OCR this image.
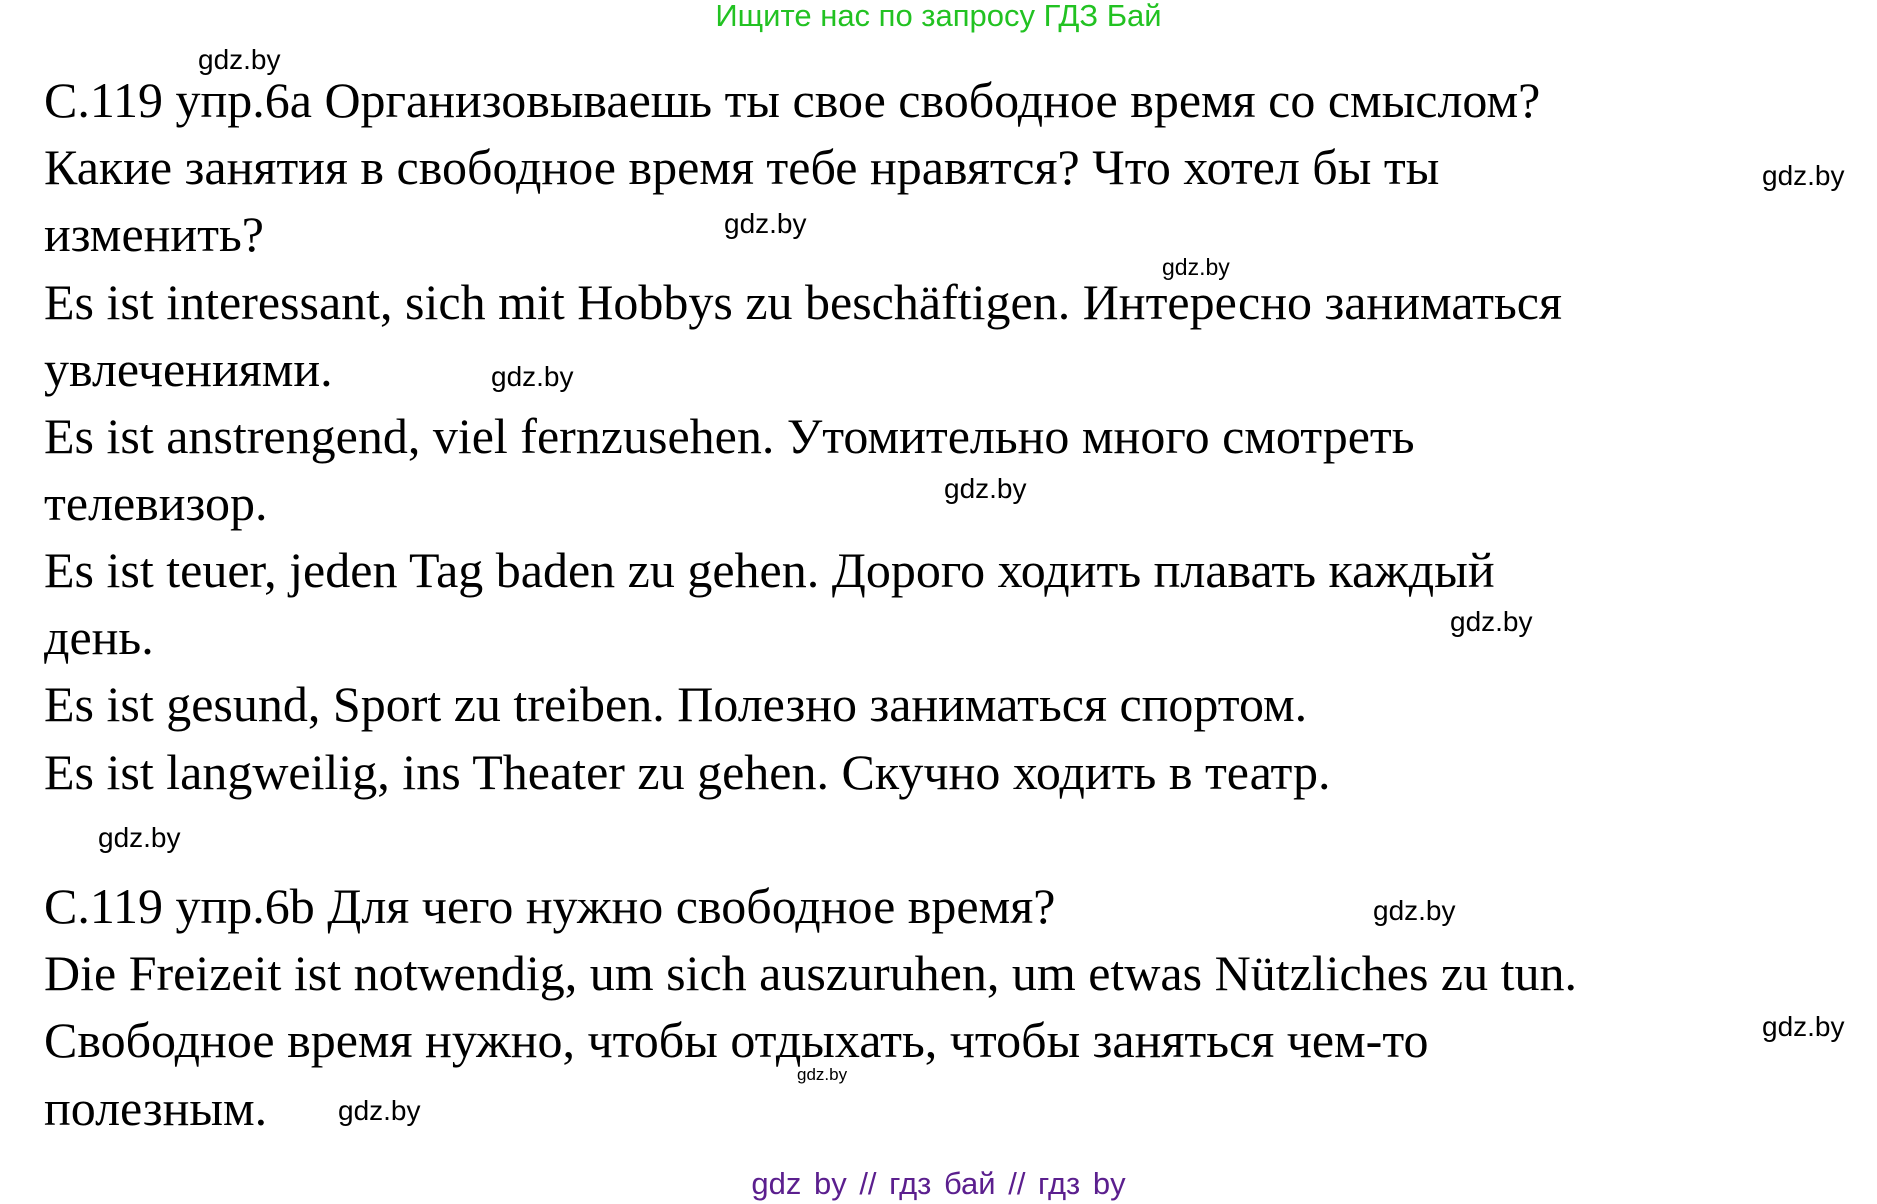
Ищите нас по запросу ГДЗ Бай
С.119 упр.6а Организовываешь ты свое свободное время со смыслом?
Какие занятия в свободное время тебе нравятся? Что хотел бы ты
изменить?
Es ist interessant, sich mit Hobbys zu beschäftigen. Интересно заниматься
увлечениями.
Es ist anstrengend, viel fernzusehen. Утомительно много смотреть
телевизор.
Es ist teuer, jeden Tag baden zu gehen. Дорого ходить плавать каждый
день.
Es ist gesund, Sport zu treiben. Полезно заниматься спортом.
Es ist langweilig, ins Theater zu gehen. Скучно ходить в театр.
С.119 упр.6b Для чего нужно свободное время?
Die Freizeit ist notwendig, um sich auszuruhen, um etwas Nützliches zu tun.
Свободное время нужно, чтобы отдыхать, чтобы заняться чем-то
полезным.
gdz.by
gdz.by
gdz.by
gdz.by
gdz.by
gdz.by
gdz.by
gdz.by
gdz.by
gdz.by
gdz.by
gdz.by
gdz by // гдз бай // гдз by
